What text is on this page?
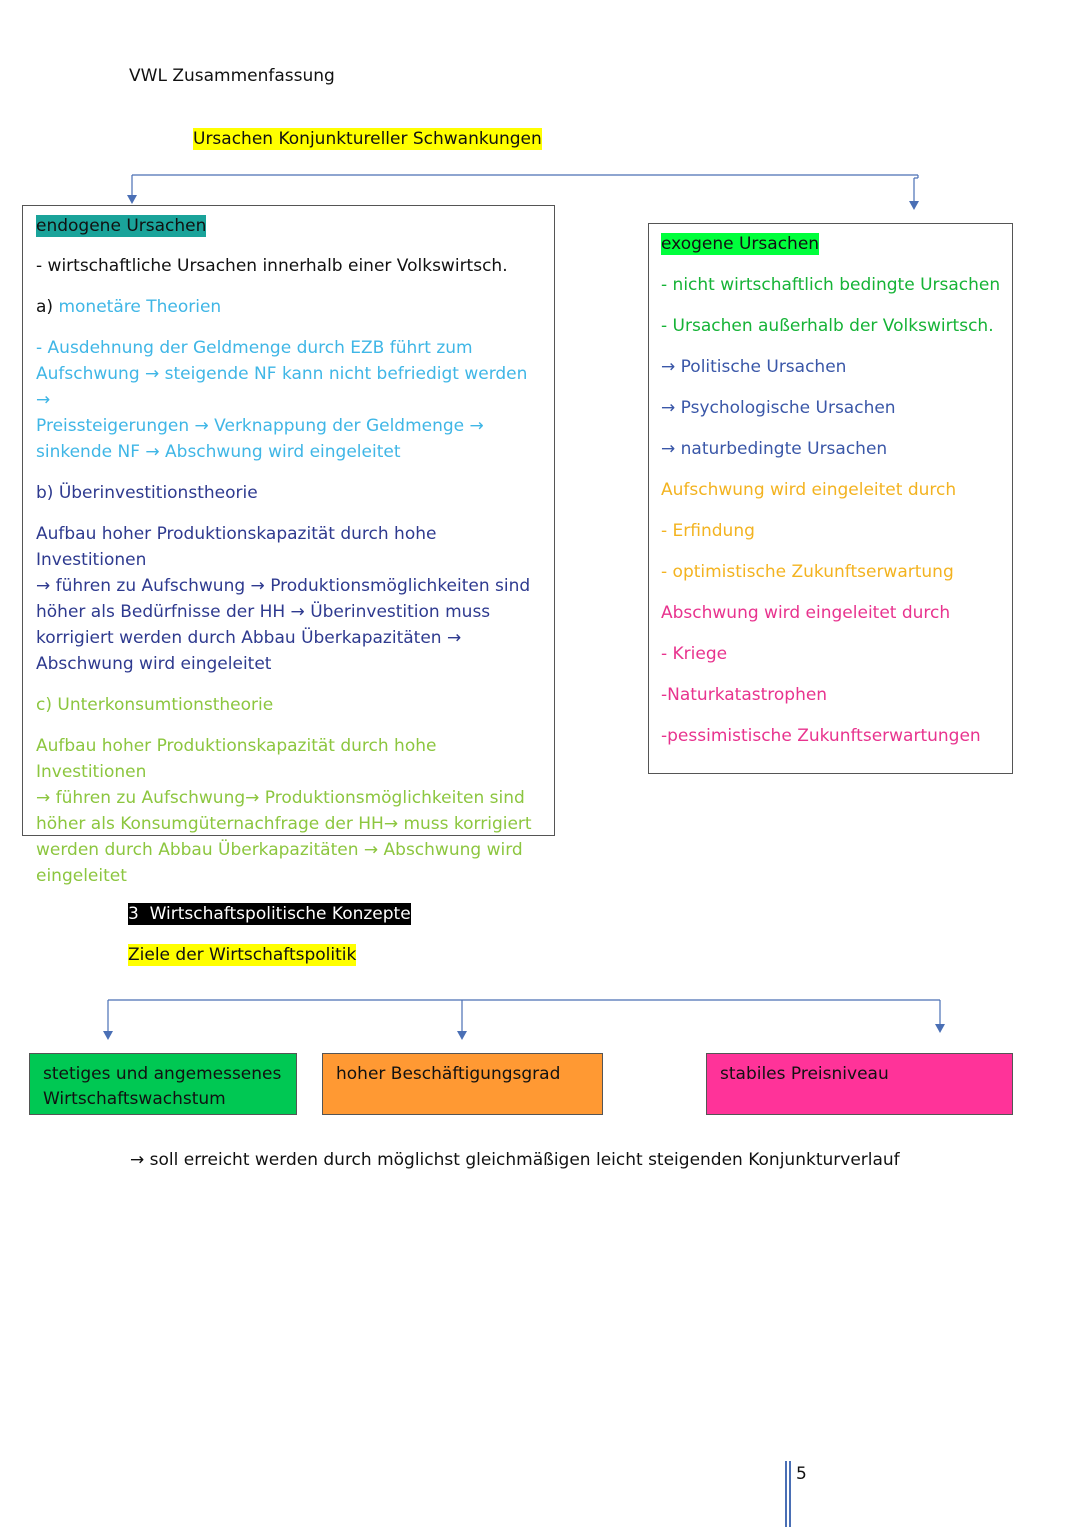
VWL Zusammenfassung
Ursachen Konjunktureller Schwankungen
endogene Ursachen

- wirtschaftliche Ursachen innerhalb einer Volkswirtsch.

a) monetäre Theorien

- Ausdehnung der Geldmenge durch EZB führt zum

Aufschwung → steigende NF kann nicht befriedigt werden →

Preissteigerungen → Verknappung der Geldmenge →

sinkende NF → Abschwung wird eingeleitet

b) Überinvestitionstheorie

Aufbau hoher Produktionskapazität durch hohe Investitionen

→ führen zu Aufschwung → Produktionsmöglichkeiten sind

höher als Bedürfnisse der HH → Überinvestition muss

korrigiert werden durch Abbau Überkapazitäten →

Abschwung wird eingeleitet

c) Unterkonsumtionstheorie

Aufbau hoher Produktionskapazität durch hohe Investitionen

→ führen zu Aufschwung→ Produktionsmöglichkeiten sind

höher als Konsumgüternachfrage der HH→ muss korrigiert

werden durch Abbau Überkapazitäten → Abschwung wird

eingeleitet

exogene Ursachen

- nicht wirtschaftlich bedingte Ursachen

- Ursachen außerhalb der Volkswirtsch.

→ Politische Ursachen

→ Psychologische Ursachen

→ naturbedingte Ursachen

Aufschwung wird eingeleitet durch

- Erfindung

- optimistische Zukunftserwartung

Abschwung wird eingeleitet durch

- Kriege

-Naturkatastrophen

-pessimistische Zukunftserwartungen

3  Wirtschaftspolitische Konzepte
Ziele der Wirtschaftspolitik
stetiges und angemessenes
Wirtschaftswachstum
hoher Beschäftigungsgrad	stabiles Preisniveau
→ soll erreicht werden durch möglichst gleichmäßigen leicht steigenden Konjunkturverlauf
5
